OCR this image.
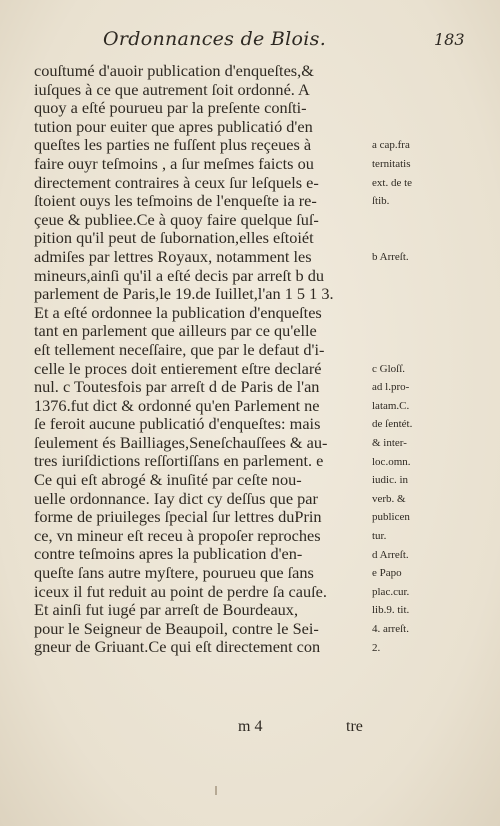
Ordonnances de Blois.	183
couſtumé d'auoir publication d'enqueſtes,&
iuſques à ce que autrement ſoit ordonné. A
quoy a eſté pourueu par la preſente conſti-
tution pour euiter que apres publicatió d'en
queſtes les parties ne fuſſent plus reçeues à
faire ouyr teſmoins , a ſur meſmes faicts ou
directement contraires à ceux ſur leſquels e-
ſtoient ouys les teſmoins de l'enqueſte ia re-
çeue & publiee.Ce à quoy faire quelque ſuſ-
pition qu'il peut de ſubornation,elles eſtoiét
admiſes par lettres Royaux, notamment les
mineurs,ainſi qu'il a eſté decis par arreſt b du
parlement de Paris,le 19.de Iuillet,l'an 1 5 1 3.
Et a eſté ordonnee la publication d'enqueſtes
tant en parlement que ailleurs par ce qu'elle
eſt tellement neceſſaire, que par le defaut d'i-
celle le proces doit entierement eſtre declaré
nul. c Toutesfois par arreſt d de Paris de l'an
1376.fut dict & ordonné qu'en Parlement ne
ſe feroit aucune publicatió d'enqueſtes: mais
ſeulement és Bailliages,Seneſchauſſees & au-
tres iuriſdictions reſſortiſſans en parlement. e
Ce qui eſt abrogé & inuſité par ceſte nou-
uelle ordonnance. Iay dict cy deſſus que par
forme de priuileges ſpecial ſur lettres duPrin
ce, vn mineur eſt receu à propoſer reproches
contre teſmoins apres la publication d'en-
queſte ſans autre myſtere, pourueu que ſans
iceux il fut reduit au point de perdre ſa cauſe.
Et ainſi fut iugé par arreſt de Bourdeaux,
pour le Seigneur de Beaupoil, contre le Sei-
gneur de Griuant.Ce qui eſt directement con
a cap.fra
ternitatis
ext. de te
ſtib.
b Arreſt.
c Gloſſ.
ad l.pro-
latam.C.
de ſentét.
& inter-
loc.omn.
iudic. in
verb. &
publicen
tur.
d Arreſt.
e Papo
plac.cur.
lib.9. tit.
4. arreſt.
2.
m 4	tre
